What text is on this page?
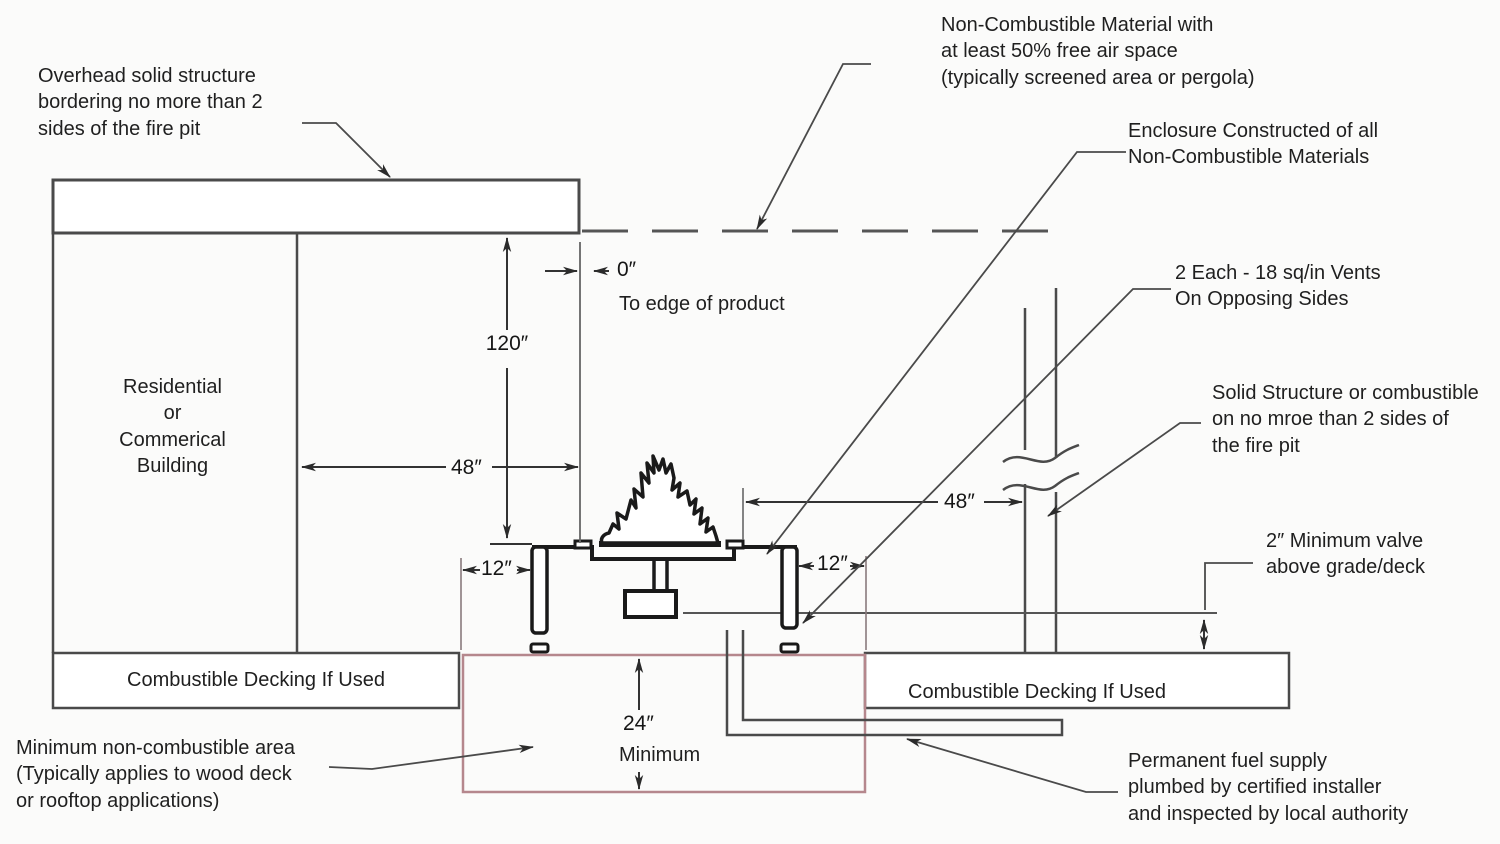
Overhead solid structure
bordering no more than 2
sides of the fire pit
Non-Combustible Material with
at least 50% free air space
(typically screened area or pergola)
Enclosure Constructed of all
Non-Combustible Materials
2 Each - 18 sq/in Vents
On Opposing Sides
Solid Structure or combustible
on no mroe than 2 sides of
the fire pit
2″ Minimum valve
above grade/deck
Residential
or
Commerical
Building
Combustible Decking If Used
Combustible Decking If Used
Minimum non-combustible area
(Typically applies to wood deck
or rooftop applications)
Permanent fuel supply
plumbed by certified installer
and inspected by local authority
120″
48″
0″
To edge of product
48″
12″	12″
24″
Minimum
